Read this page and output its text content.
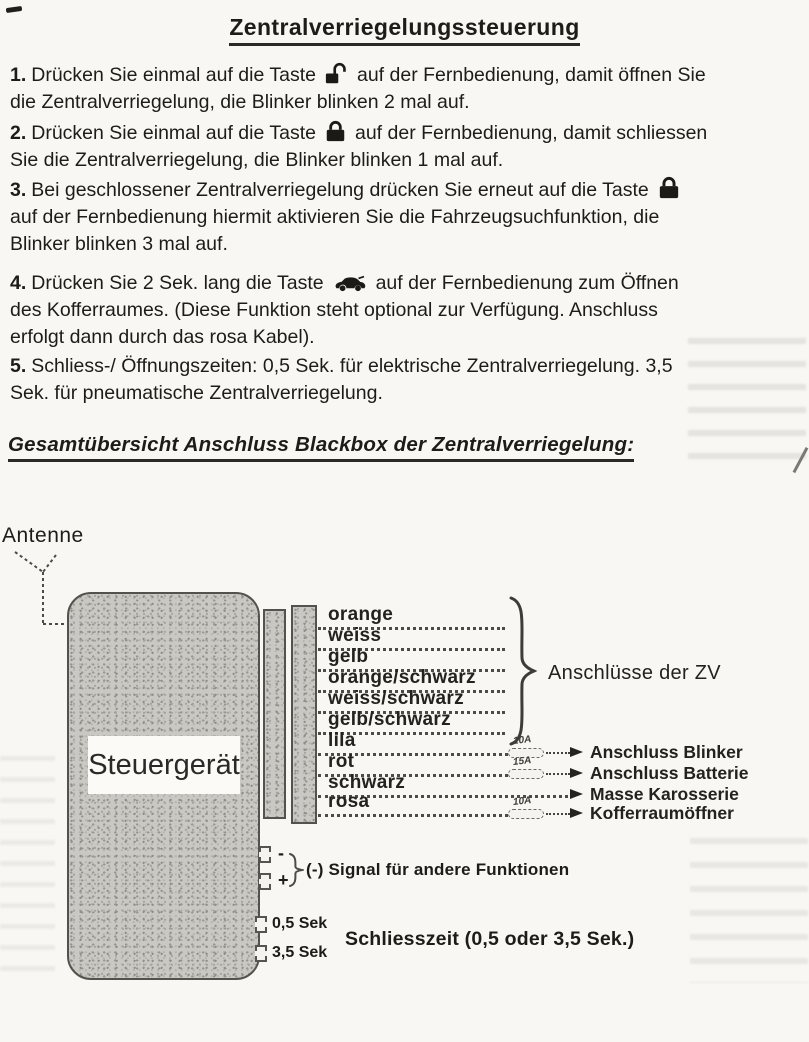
Zentralverriegelungssteuerung

1. Drücken Sie einmal auf die Taste auf der Fernbedienung, damit öffnen Sie die Zentralverriegelung, die Blinker blinken 2 mal auf.

2. Drücken Sie einmal auf die Taste auf der Fernbedienung, damit schliessen Sie die Zentralverriegelung, die Blinker blinken 1 mal auf.

3. Bei geschlossener Zentralverriegelung drücken Sie erneut auf die Taste
auf der Fernbedienung hiermit aktivieren Sie die Fahrzeugsuchfunktion, die Blinker blinken 3 mal auf.

4. Drücken Sie 2 Sek. lang die Taste	auf der Fernbedienung zum Öffnen des Kofferraumes. (Diese Funktion steht optional zur Verfügung. Anschluss erfolgt dann durch das rosa Kabel).

5. Schliess-/ Öffnungszeiten: 0,5 Sek. für elektrische Zentralverriegelung. 3,5 Sek. für pneumatische Zentralverriegelung.

Gesamtübersicht Anschluss Blackbox der Zentralverriegelung:
Antenne
Steuergerät
orange
weiss
gelb
orange/schwarz
weiss/schwarz
gelb/schwarz
Anschlüsse der ZV
lila	10A
Anschluss Blinker
rot	15A
Anschluss Batterie
schwarz
Masse Karosserie
rosa	10A
Kofferraumöffner
-
+
(-) Signal für andere Funktionen
0,5 Sek
3,5 Sek
Schliesszeit (0,5 oder 3,5 Sek.)
